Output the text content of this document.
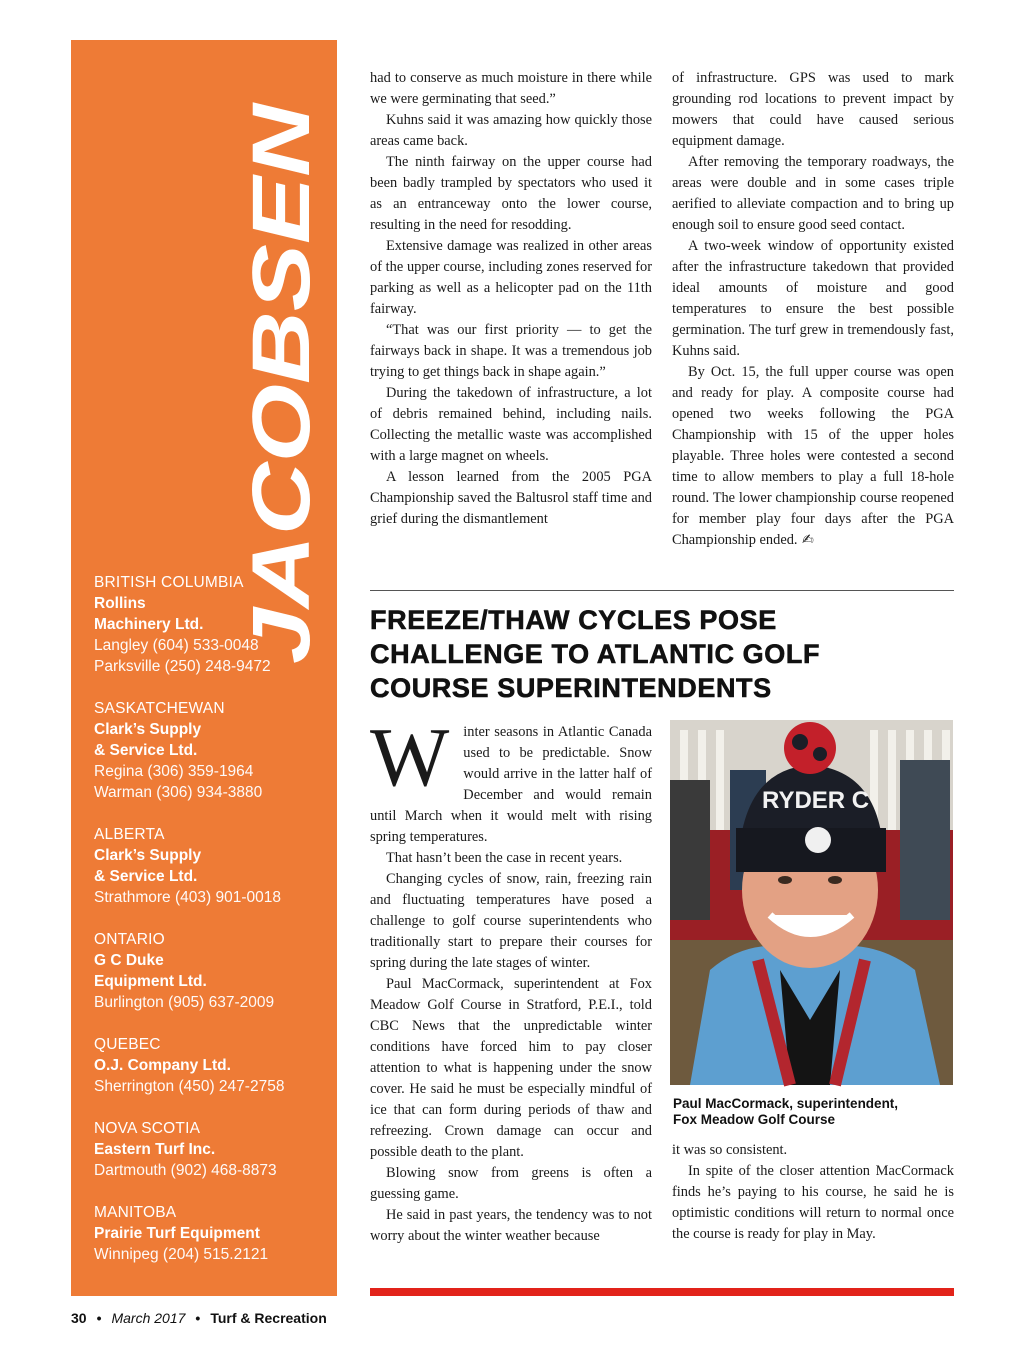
JACOBSEN
®
BRITISH COLUMBIA
Rollins
Machinery Ltd.
Langley (604) 533-0048
Parksville (250) 248-9472
SASKATCHEWAN
Clark’s Supply
& Service Ltd.
Regina (306) 359-1964
Warman (306) 934-3880
ALBERTA
Clark’s Supply
& Service Ltd.
Strathmore (403) 901-0018
ONTARIO
G C Duke
Equipment Ltd.
Burlington (905) 637-2009
QUEBEC
O.J. Company Ltd.
Sherrington (450) 247-2758
NOVA SCOTIA
Eastern Turf Inc.
Dartmouth (902) 468-8873
MANITOBA
Prairie Turf Equipment
Winnipeg (204) 515.2121

had to conserve as much moisture in there while we were germinating that seed.”

Kuhns said it was amazing how quickly those areas came back.

The ninth fairway on the upper course had been badly trampled by spectators who used it as an entranceway onto the lower course, resulting in the need for resodding.

Extensive damage was realized in other areas of the upper course, including zones reserved for parking as well as a helicopter pad on the 11th fairway.

“That was our first priority — to get the fairways back in shape. It was a tremendous job trying to get things back in shape again.”

During the takedown of infrastructure, a lot of debris remained behind, including nails. Collecting the metallic waste was accomplished with a large magnet on wheels.

A lesson learned from the 2005 PGA Championship saved the Baltusrol staff time and grief during the dismantlement

of infrastructure. GPS was used to mark grounding rod locations to prevent impact by mowers that could have caused serious equipment damage.

After removing the temporary roadways, the areas were double and in some cases triple aerified to alleviate compaction and to bring up enough soil to ensure good seed contact.

A two-week window of opportunity existed after the infrastructure takedown that provided ideal amounts of moisture and good temperatures to ensure the best possible germination. The turf grew in tremendously fast, Kuhns said.

By Oct. 15, the full upper course was open and ready for play. A composite course had opened two weeks following the PGA Championship with 15 of the upper holes playable. Three holes were contested a second time to allow members to play a full 18-hole round. The lower championship course reopened for member play four days after the PGA Championship ended. ✍

FREEZE/THAW CYCLES POSE
CHALLENGE TO ATLANTIC GOLF
COURSE SUPERINTENDENTS

Winter seasons in Atlantic Canada used to be predictable. Snow would arrive in the latter half of December and would remain until March when it would melt with rising spring temperatures.

That hasn’t been the case in recent years.

Changing cycles of snow, rain, freezing rain and fluctuating temperatures have posed a challenge to golf course superintendents who traditionally start to prepare their courses for spring during the late stages of winter.

Paul MacCormack, superintendent at Fox Meadow Golf Course in Stratford, P.E.I., told CBC News that the unpredictable winter conditions have forced him to pay closer attention to what is happening under the snow cover. He said he must be especially mindful of ice that can form during periods of thaw and refreezing. Crown damage can occur and possible death to the plant.

Blowing snow from greens is often a guessing game.

He said in past years, the tendency was to not worry about the winter weather because

RYDER C
Paul MacCormack, superintendent,
Fox Meadow Golf Course

it was so consistent.

In spite of the closer attention MacCormack finds he’s paying to his course, he said he is optimistic conditions will return to normal once the course is ready for play in May.

30 • March 2017 • Turf & Recreation
